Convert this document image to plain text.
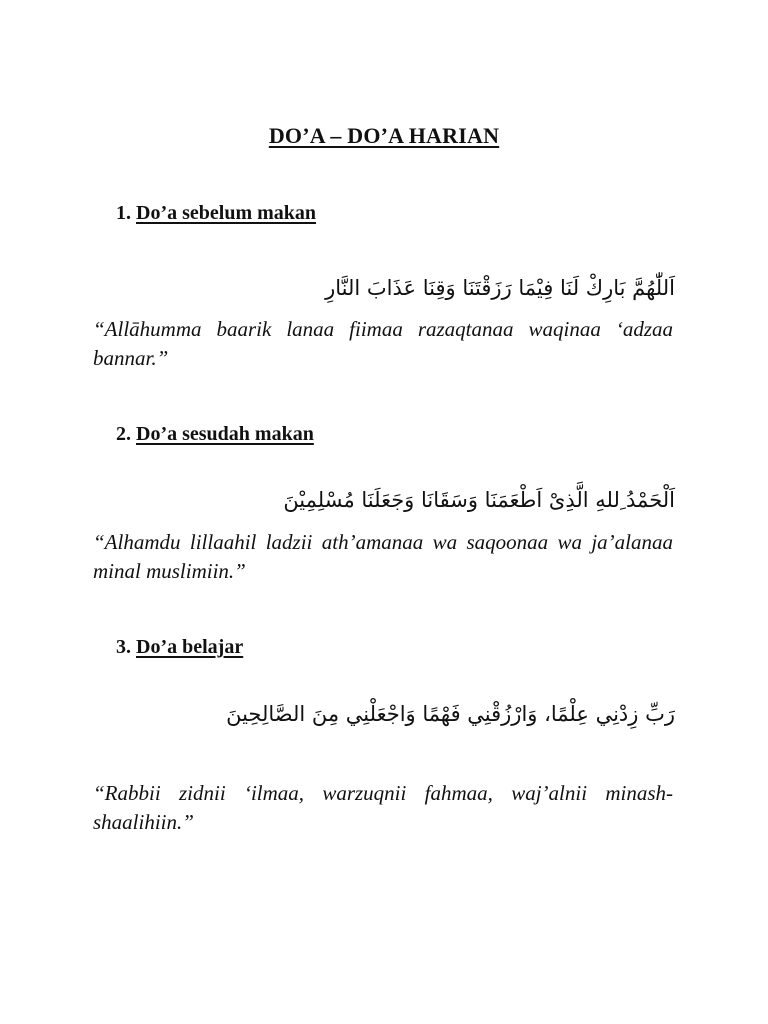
DO’A – DO’A HARIAN
1. Do’a sebelum makan
اَللّٰهُمَّ بَارِكْ لَنَا فِيْمَا رَزَقْتَنَا وَقِنَا عَذَابَ النَّارِ
“Allāhumma baarik lanaa fiimaa razaqtanaa waqinaa ‘adzaa bannar.”
2. Do’a sesudah makan
اَلْحَمْدُ ِللهِ الَّذِىْ اَطْعَمَنَا وَسَقَانَا وَجَعَلَنَا مُسْلِمِيْنَ
“Alhamdu lillaahil ladzii ath’amanaa wa saqoonaa wa ja’alanaa minal muslimiin.”
3. Do’a belajar
رَبِّ زِدْنِي عِلْمًا، وَارْزُقْنِي فَهْمًا وَاجْعَلْنِي مِنَ الصَّالِحِينَ
“Rabbii zidnii ‘ilmaa, warzuqnii fahmaa, waj’alnii minash-shaalihiin.”
